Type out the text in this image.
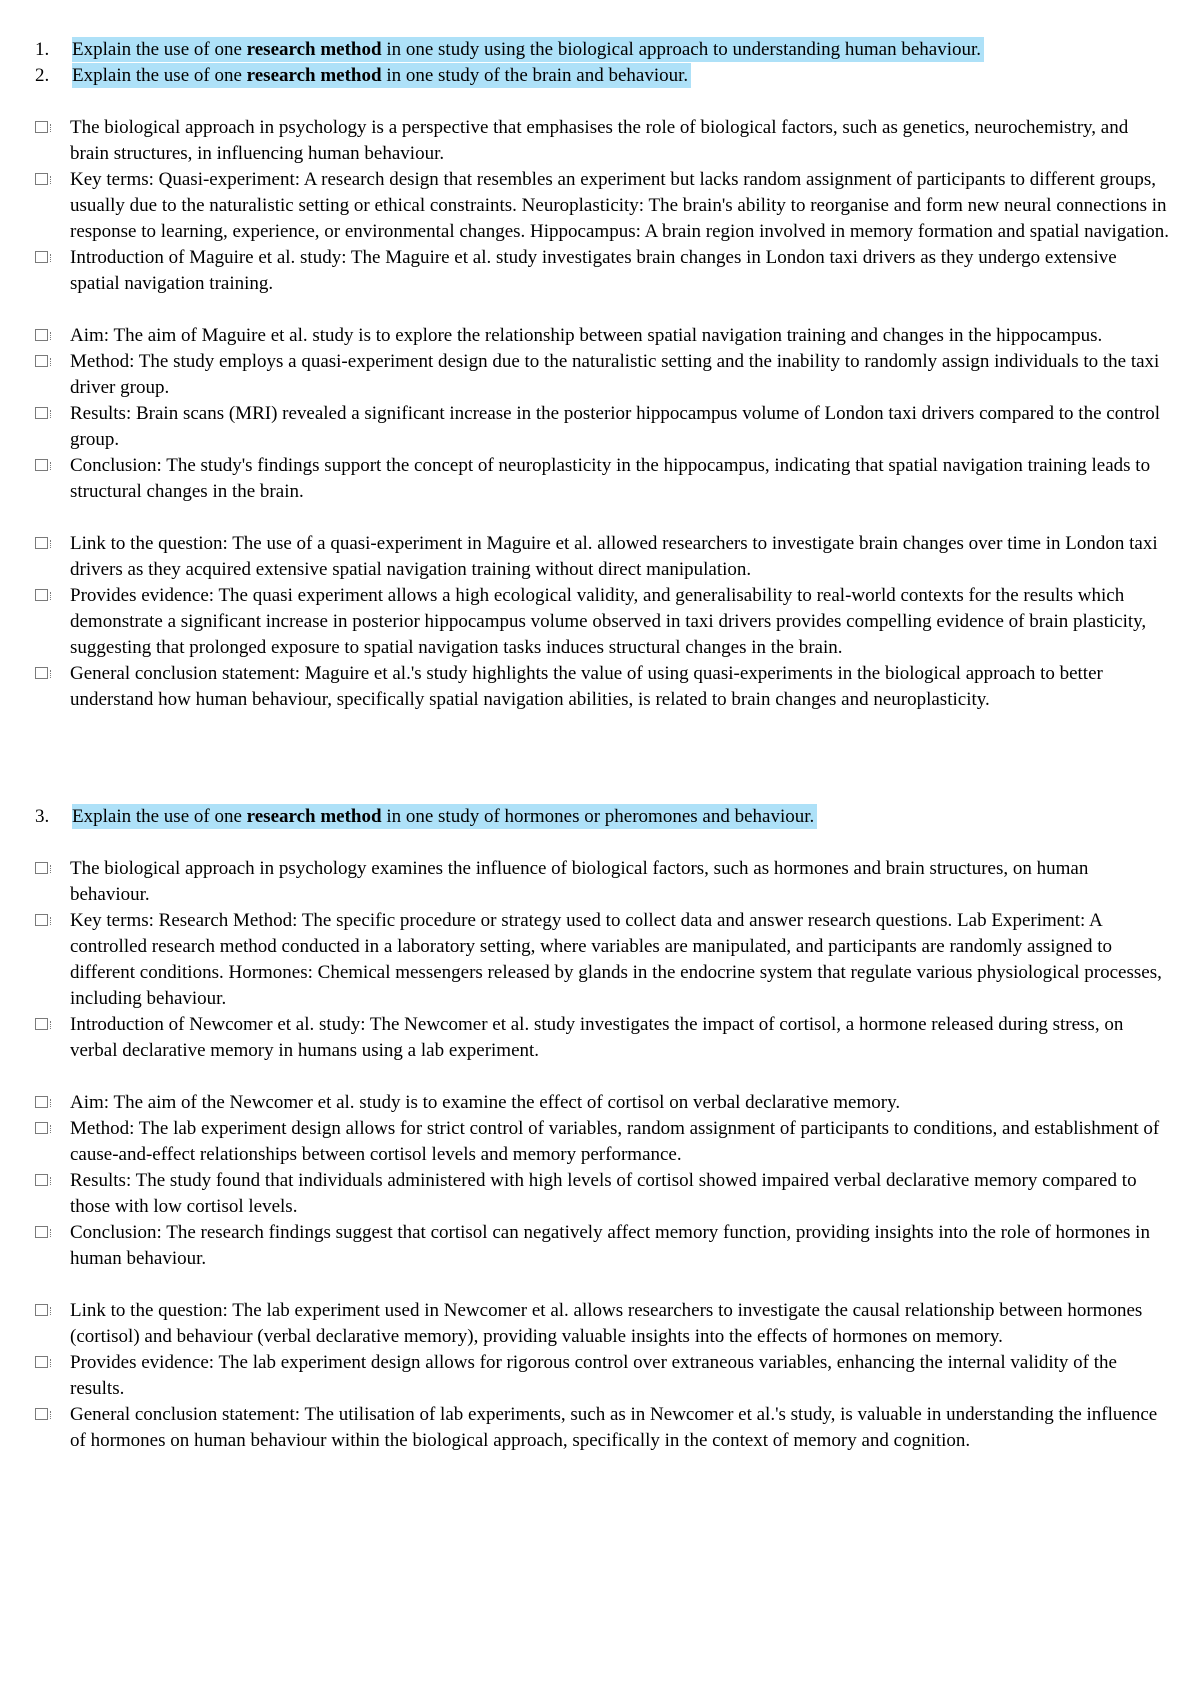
1.	Explain the use of one research method in one study using the biological approach to understanding human behaviour.
2.	Explain the use of one research method in one study of the brain and behaviour.
The biological approach in psychology is a perspective that emphasises the role of biological factors, such as genetics, neurochemistry, and brain structures, in influencing human behaviour.
Key terms: Quasi-experiment: A research design that resembles an experiment but lacks random assignment of participants to different groups, usually due to the naturalistic setting or ethical constraints. Neuroplasticity: The brain's ability to reorganise and form new neural connections in response to learning, experience, or environmental changes. Hippocampus: A brain region involved in memory formation and spatial navigation.
Introduction of Maguire et al. study: The Maguire et al. study investigates brain changes in London taxi drivers as they undergo extensive spatial navigation training.
Aim: The aim of Maguire et al. study is to explore the relationship between spatial navigation training and changes in the hippocampus.
Method: The study employs a quasi-experiment design due to the naturalistic setting and the inability to randomly assign individuals to the taxi driver group.
Results: Brain scans (MRI) revealed a significant increase in the posterior hippocampus volume of London taxi drivers compared to the control group.
Conclusion: The study's findings support the concept of neuroplasticity in the hippocampus, indicating that spatial navigation training leads to structural changes in the brain.
Link to the question: The use of a quasi-experiment in Maguire et al. allowed researchers to investigate brain changes over time in London taxi drivers as they acquired extensive spatial navigation training without direct manipulation.
Provides evidence: The quasi experiment allows a high ecological validity, and generalisability to real-world contexts for the results which demonstrate a significant increase in posterior hippocampus volume observed in taxi drivers provides compelling evidence of brain plasticity, suggesting that prolonged exposure to spatial navigation tasks induces structural changes in the brain.
General conclusion statement: Maguire et al.'s study highlights the value of using quasi-experiments in the biological approach to better understand how human behaviour, specifically spatial navigation abilities, is related to brain changes and neuroplasticity.
3.	Explain the use of one research method in one study of hormones or pheromones and behaviour.
The biological approach in psychology examines the influence of biological factors, such as hormones and brain structures, on human behaviour.
Key terms: Research Method: The specific procedure or strategy used to collect data and answer research questions. Lab Experiment: A controlled research method conducted in a laboratory setting, where variables are manipulated, and participants are randomly assigned to different conditions. Hormones: Chemical messengers released by glands in the endocrine system that regulate various physiological processes, including behaviour.
Introduction of Newcomer et al. study: The Newcomer et al. study investigates the impact of cortisol, a hormone released during stress, on verbal declarative memory in humans using a lab experiment.
Aim: The aim of the Newcomer et al. study is to examine the effect of cortisol on verbal declarative memory.
Method: The lab experiment design allows for strict control of variables, random assignment of participants to conditions, and establishment of cause-and-effect relationships between cortisol levels and memory performance.
Results: The study found that individuals administered with high levels of cortisol showed impaired verbal declarative memory compared to those with low cortisol levels.
Conclusion: The research findings suggest that cortisol can negatively affect memory function, providing insights into the role of hormones in human behaviour.
Link to the question: The lab experiment used in Newcomer et al. allows researchers to investigate the causal relationship between hormones (cortisol) and behaviour (verbal declarative memory), providing valuable insights into the effects of hormones on memory.
Provides evidence: The lab experiment design allows for rigorous control over extraneous variables, enhancing the internal validity of the results.
General conclusion statement: The utilisation of lab experiments, such as in Newcomer et al.'s study, is valuable in understanding the influence of hormones on human behaviour within the biological approach, specifically in the context of memory and cognition.
